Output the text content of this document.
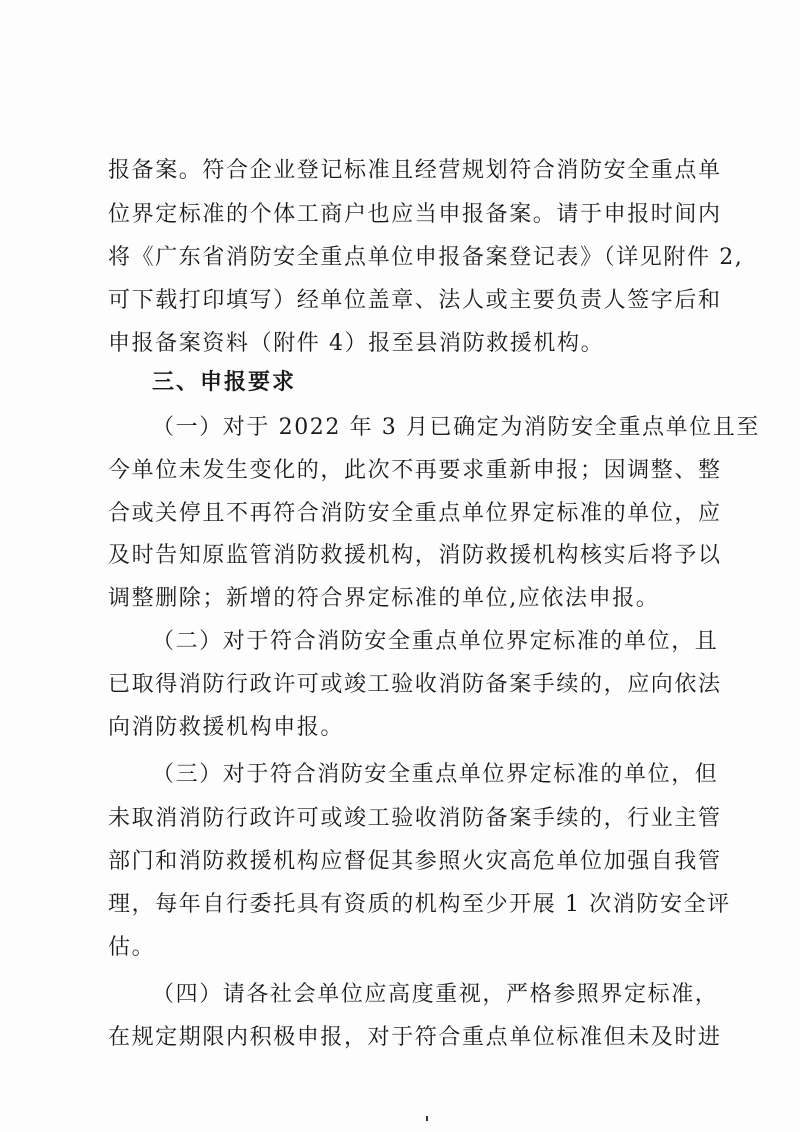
报备案。符合企业登记标准且经营规划符合消防安全重点单
位界定标准的个体工商户也应当申报备案。请于申报时间内
将《广东省消防安全重点单位申报备案登记表》（详见附件 2,
可下载打印填写）经单位盖章、法人或主要负责人签字后和
申报备案资料（附件 4）报至县消防救援机构。
三、申报要求
（一）对于 2022 年 3 月已确定为消防安全重点单位且至
今单位未发生变化的，此次不再要求重新申报；因调整、整
合或关停且不再符合消防安全重点单位界定标准的单位，应
及时告知原监管消防救援机构，消防救援机构核实后将予以
调整删除；新增的符合界定标准的单位,应依法申报。
（二）对于符合消防安全重点单位界定标准的单位，且
已取得消防行政许可或竣工验收消防备案手续的，应向依法
向消防救援机构申报。
（三）对于符合消防安全重点单位界定标准的单位，但
未取消消防行政许可或竣工验收消防备案手续的，行业主管
部门和消防救援机构应督促其参照火灾高危单位加强自我管
理，每年自行委托具有资质的机构至少开展 1 次消防安全评
估。
（四）请各社会单位应高度重视，严格参照界定标准，
在规定期限内积极申报，对于符合重点单位标准但未及时进
